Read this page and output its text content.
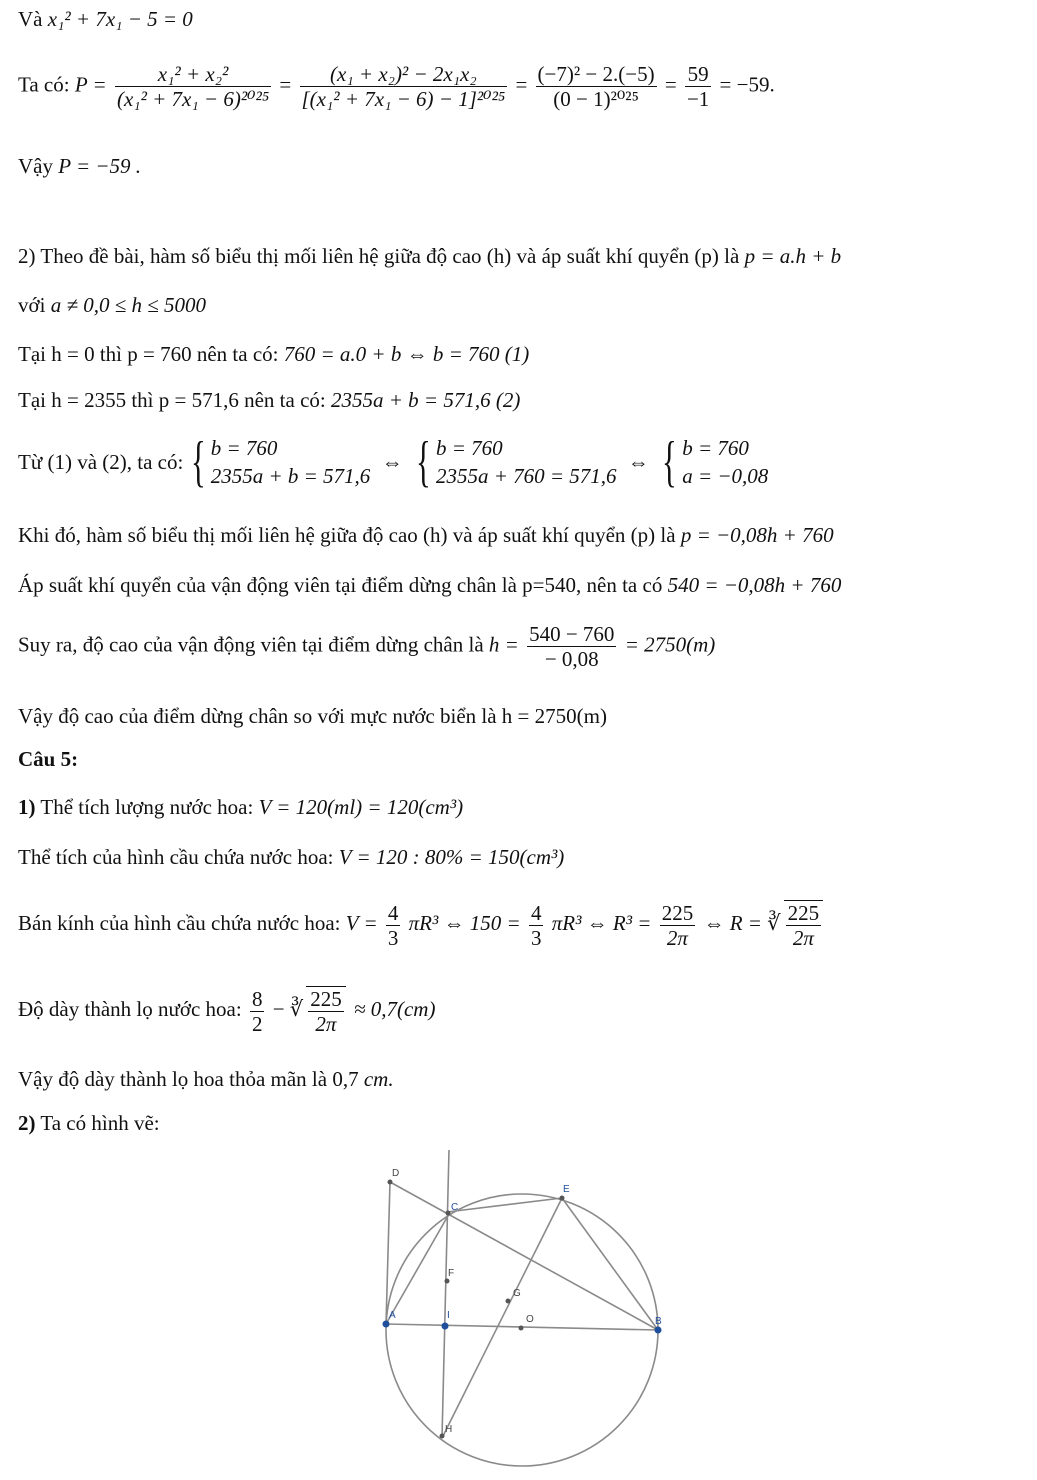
Và x₁² + 7x₁ − 5 = 0
Ta có: $P = \frac{\text{x₁² + x₂²}}{\text{(x₁² + 7x₁ − 6)²⁰²⁵}} = \frac{\text{(x₁ + x₂)² − 2x₁x₂}}{\text{[(x₁² + 7x₁ − 6) − 1]²⁰²⁵}} = \frac{\text{(−7)² − 2.(−5)}}{\text{(0 − 1)²⁰²⁵}} = \frac{59}{-1} = -59$.
Vậy P = −59 .
2) Theo đề bài, hàm số biểu thị mối liên hệ giữa độ cao (h) và áp suất khí quyển (p) là p = a.h + b
với a ≠ 0,0 ≤ h ≤ 5000
Tại h = 0 thì p = 760 nên ta có: 760 = a.0 + b ⇔ b = 760 (1)
Tại h = 2355 thì p = 571,6 nên ta có: 2355a + b = 571,6 (2)
Từ (1) và (2), ta có: { b = 760
2355a + b = 571,6
⇔ { b = 760
2355a + 760 = 571,6
⇔ { b = 760
a = −0,08
Khi đó, hàm số biểu thị mối liên hệ giữa độ cao (h) và áp suất khí quyển (p) là p = −0,08h + 760
Áp suất khí quyển của vận động viên tại điểm dừng chân là p=540, nên ta có 540 = −0,08h + 760
Suy ra, độ cao của vận động viên tại điểm dừng chân là $h = \frac{540 - 760}{- 0,08} = 2750(m)$
Vậy độ cao của điểm dừng chân so với mực nước biển là h = 2750(m)
Câu 5:
1) Thể tích lượng nước hoa: V = 120(ml) = 120(cm³)
Thể tích của hình cầu chứa nước hoa: V = 120 : 80% = 150(cm³)
Bán kính của hình cầu chứa nước hoa: $V = \frac{4}{3} \pi R^3$ ⇔ $150 = \frac{4}{3} \pi R^3$ ⇔ $R^3 = \frac{225}{2\pi}$ ⇔ R = ∛ $\frac{225}{2\pi}$
Độ dày thành lọ nước hoa: $\frac{8}{2}$ − ∛ $\frac{225}{2\pi} \approx 0,7(cm)$
Vậy độ dày thành lọ hoa thỏa mãn là 0,7 cm.
2) Ta có hình vẽ:
D
C
E
F
G
A	I	O	B
H
